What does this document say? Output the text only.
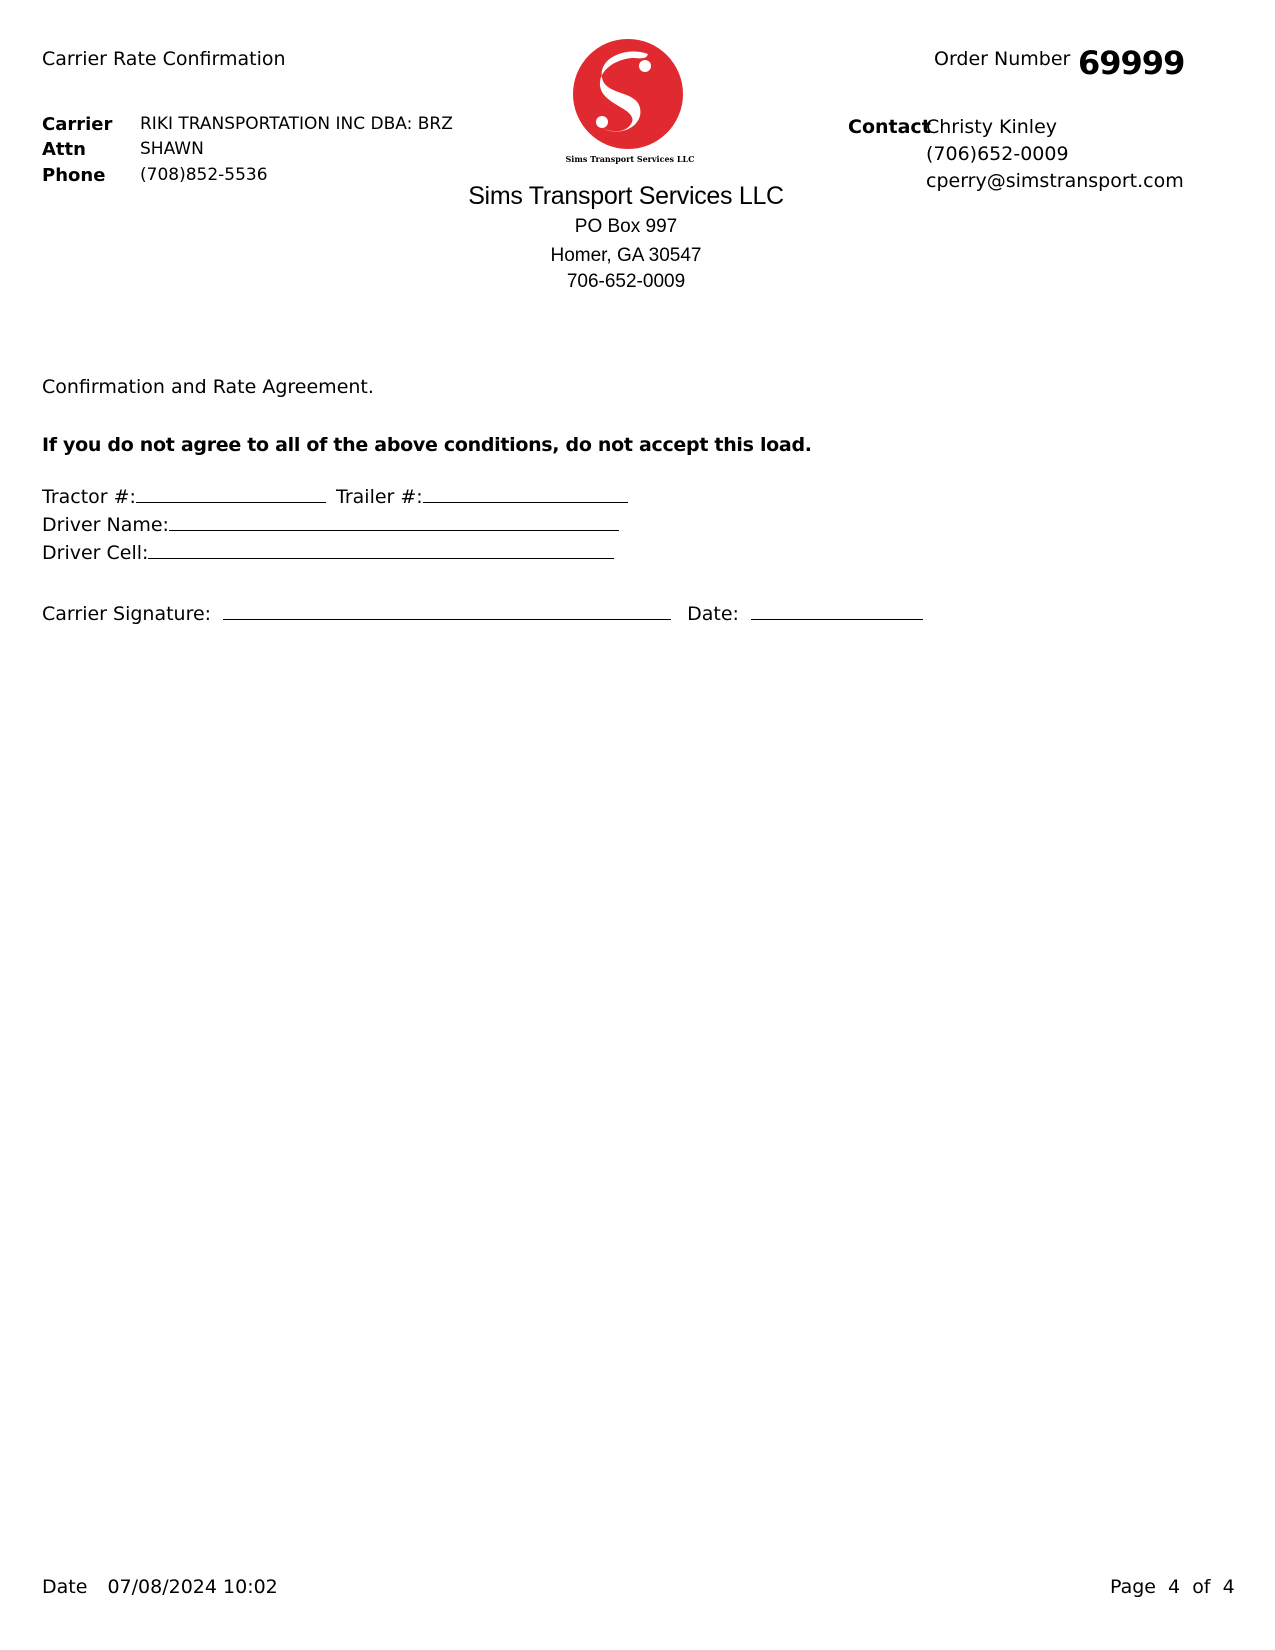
Carrier Rate Confirmation
Carrier RIKI TRANSPORTATION INC DBA: BRZ
Attn	SHAWN
Phone (708)852-5536
Sims Transport Services LLC
Order Number 69999
Contact
Christy Kinley
(706)652-0009
cperry@simstransport.com
Sims Transport Services LLC
PO Box 997
Homer, GA 30547
706-652-0009
Confirmation and Rate Agreement.
If you do not agree to all of the above conditions, do not accept this load.
Tractor #:	Trailer #:
Driver Name:
Driver Cell:
Carrier Signature:	Date:
Date 07/08/2024 10:02	Page 4 of 4
